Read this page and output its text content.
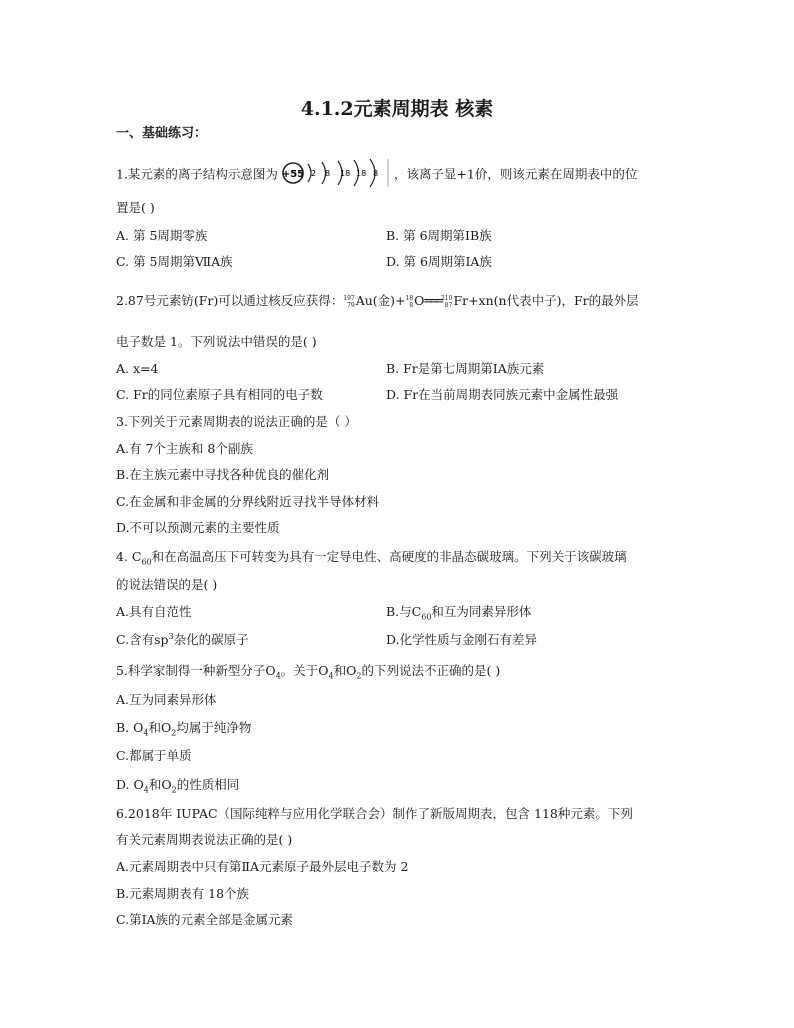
4.1.2元素周期表 核素
一、基础练习：
1.某元素的离子结构示意图为 +55 2 8 18 18 8 ，该离子显+1价，则该元素在周期表中的位
置是( )
A. 第 5周期零族	B. 第 6周期第ⅠB族
C. 第 5周期第ⅦA族	D. 第 6周期第ⅠA族
2.87号元素钫(Fr)可以通过核反应获得： 197
79 Au(金)+ 18
8 O═══ 210
87 Fr+xn(n代表中子)，Fr的最外层
电子数是 1。下列说法中错误的是( )
A. x=4	B. Fr是第七周期第ⅠA族元素
C. Fr的同位素原子具有相同的电子数	D. Fr在当前周期表同族元素中金属性最强
3.下列关于元素周期表的说法正确的是（ ）
A.有 7个主族和 8个副族
B.在主族元素中寻找各种优良的催化剂
C.在金属和非金属的分界线附近寻找半导体材料
D.不可以预测元素的主要性质
4. $C_{60}$和在高温高压下可转变为具有一定导电性、高硬度的非晶态碳玻璃。下列关于该碳玻璃
的说法错误的是( )
A.具有自范性	B.与$C_{60}$和互为同素异形体
C.含有$sp^3$杂化的碳原子	D.化学性质与金刚石有差异
5.科学家制得一种新型分子$O_4$。关于$O_4$和$O_2$的下列说法不正确的是( )
A.互为同素异形体
B. $O_4$和$O_2$均属于纯净物
C.都属于单质
D. $O_4$和$O_2$的性质相同
6.2018年 IUPAC（国际纯粹与应用化学联合会）制作了新版周期表，包含 118种元素。下列
有关元素周期表说法正确的是( )
A.元素周期表中只有第ⅡA元素原子最外层电子数为 2
B.元素周期表有 18个族
C.第ⅠA族的元素全部是金属元素
